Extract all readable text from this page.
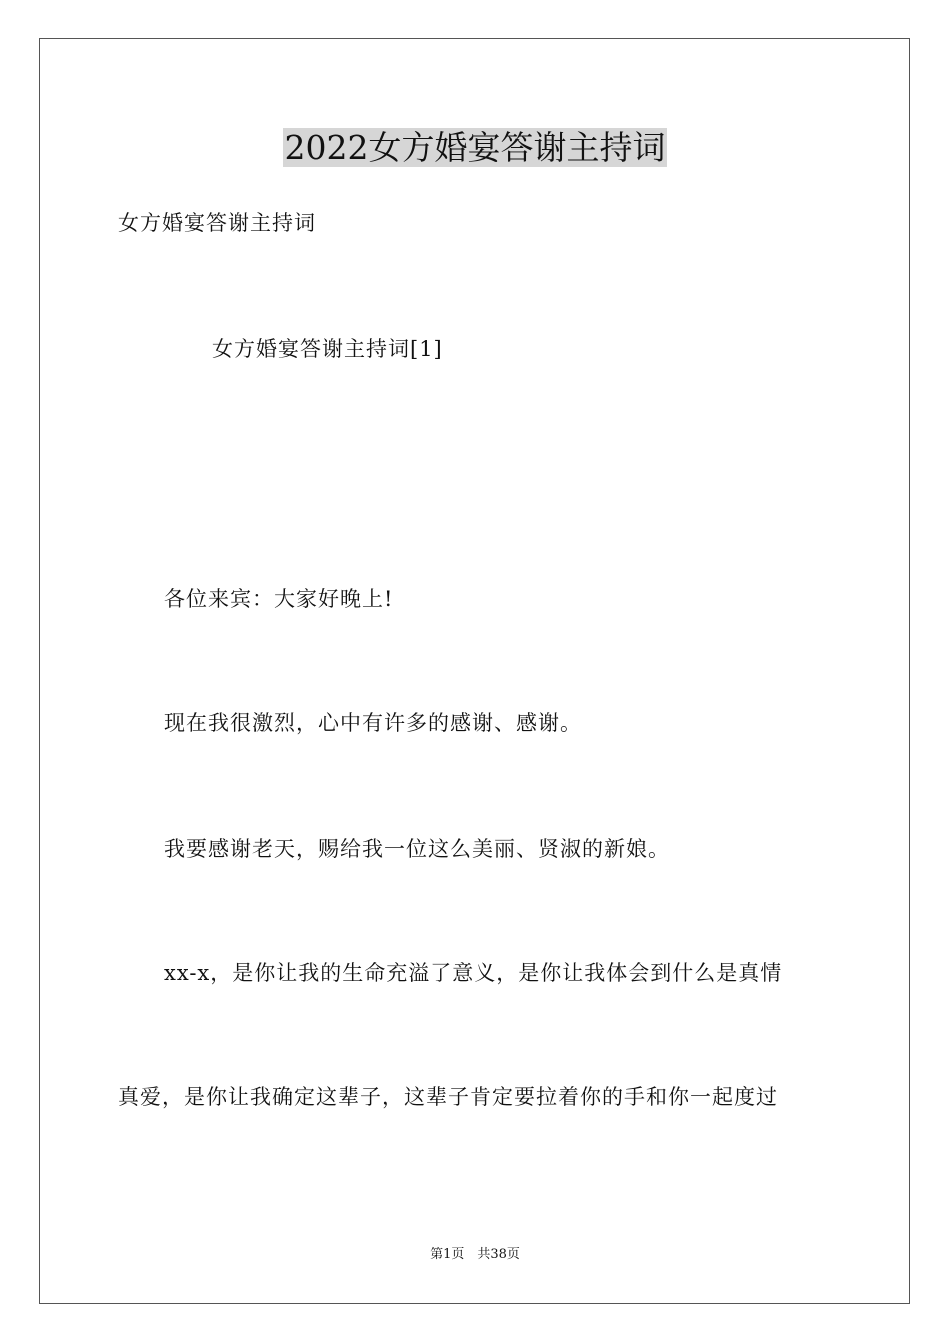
2022女方婚宴答谢主持词
女方婚宴答谢主持词
女方婚宴答谢主持词[1]
各位来宾：大家好晚上!
现在我很激烈，心中有许多的感谢、感谢。
我要感谢老天，赐给我一位这么美丽、贤淑的新娘。
xx-x，是你让我的生命充溢了意义，是你让我体会到什么是真情
真爱，是你让我确定这辈子，这辈子肯定要拉着你的手和你一起度过
第1页　共38页
